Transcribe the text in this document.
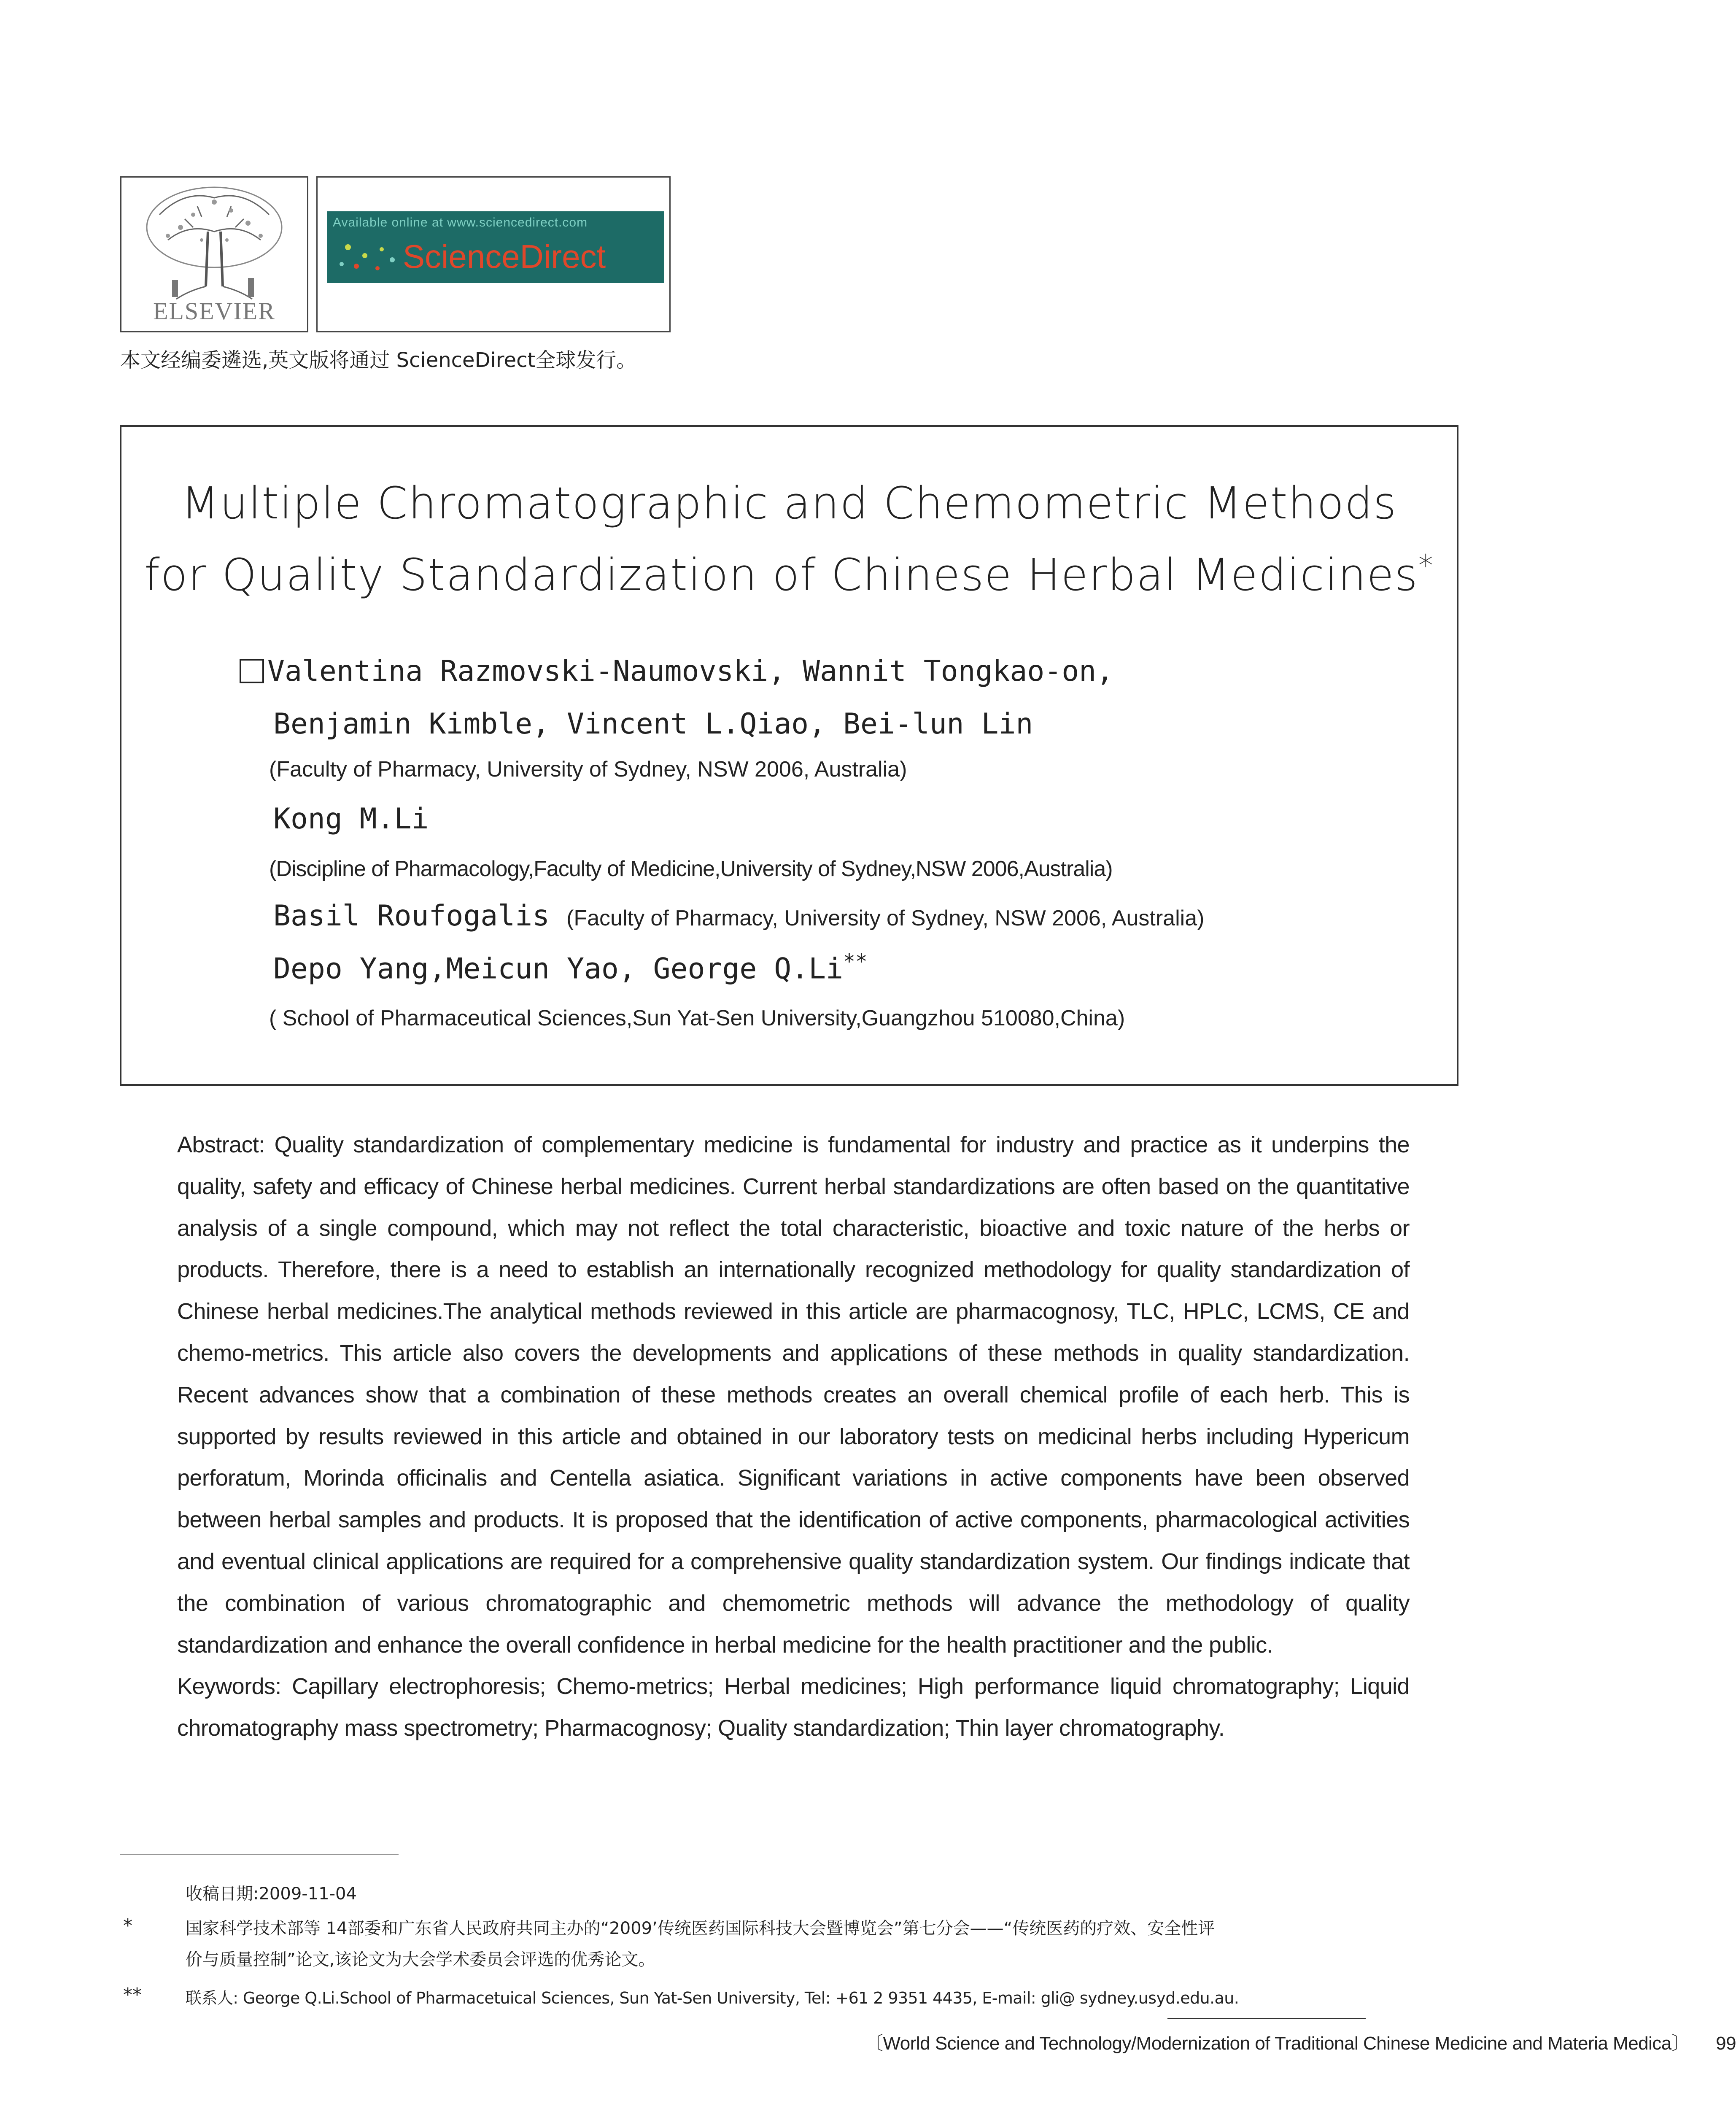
ELSEVIER
Available online at www.sciencedirect.com
ScienceDirect
本文经编委遴选,英文版将通过 ScienceDirect全球发行。
Multiple Chromatographic and Chemometric Methods
for Quality Standardization of Chinese Herbal Medicines*
Valentina Razmovski-Naumovski, Wannit Tongkao-on,
Benjamin Kimble, Vincent L.Qiao, Bei-lun Lin
(Faculty of Pharmacy, University of Sydney, NSW 2006, Australia)
Kong M.Li
(Discipline of Pharmacology,Faculty of Medicine,University of Sydney,NSW 2006,Australia)
Basil Roufogalis (Faculty of Pharmacy, University of Sydney, NSW 2006, Australia)
Depo Yang,Meicun Yao, George Q.Li**
( School of Pharmaceutical Sciences,Sun Yat-Sen University,Guangzhou 510080,China)

Abstract: Quality standardization of complementary medicine is fundamental for industry and practice as it underpins the quality, safety and efficacy of Chinese herbal medicines. Current herbal standardizations are often based on the quantitative analysis of a single compound, which may not reflect the total characteristic, bioactive and toxic nature of the herbs or products. Therefore, there is a need to establish an internationally recognized methodology for quality standardization of Chinese herbal medicines.The analytical methods reviewed in this article are pharmacognosy, TLC, HPLC, LCMS, CE and chemo-metrics. This article also covers the developments and applications of these methods in quality standardization. Recent advances show that a combination of these methods creates an overall chemical profile of each herb. This is supported by results reviewed in this article and obtained in our laboratory tests on medicinal herbs including Hypericum perforatum, Morinda officinalis and Centella asiatica. Significant variations in active components have been observed between herbal samples and products. It is proposed that the identification of active components, pharmacological activities and eventual clinical applications are required for a comprehensive quality standardization system. Our findings indicate that the combination of various chromatographic and chemometric methods will advance the methodology of quality standardization and enhance the overall confidence in herbal medicine for the health practitioner and the public.

Keywords: Capillary electrophoresis; Chemo-metrics; Herbal medicines; High performance liquid chromatography; Liquid chromatography mass spectrometry; Pharmacognosy; Quality standardization; Thin layer chromatography.

收稿日期:2009-11-04
*	国家科学技术部等 14部委和广东省人民政府共同主办的“2009’传统医药国际科技大会暨博览会”第七分会——“传统医药的疗效、安全性评
价与质量控制”论文,该论文为大会学术委员会评选的优秀论文。
**	联系人: George Q.Li.School of Pharmacetuical Sciences, Sun Yat-Sen University, Tel: +61 2 9351 4435, E-mail: gli@ sydney.usyd.edu.au.
〔World Science and Technology/Modernization of Traditional Chinese Medicine and Materia Medica〕 99
